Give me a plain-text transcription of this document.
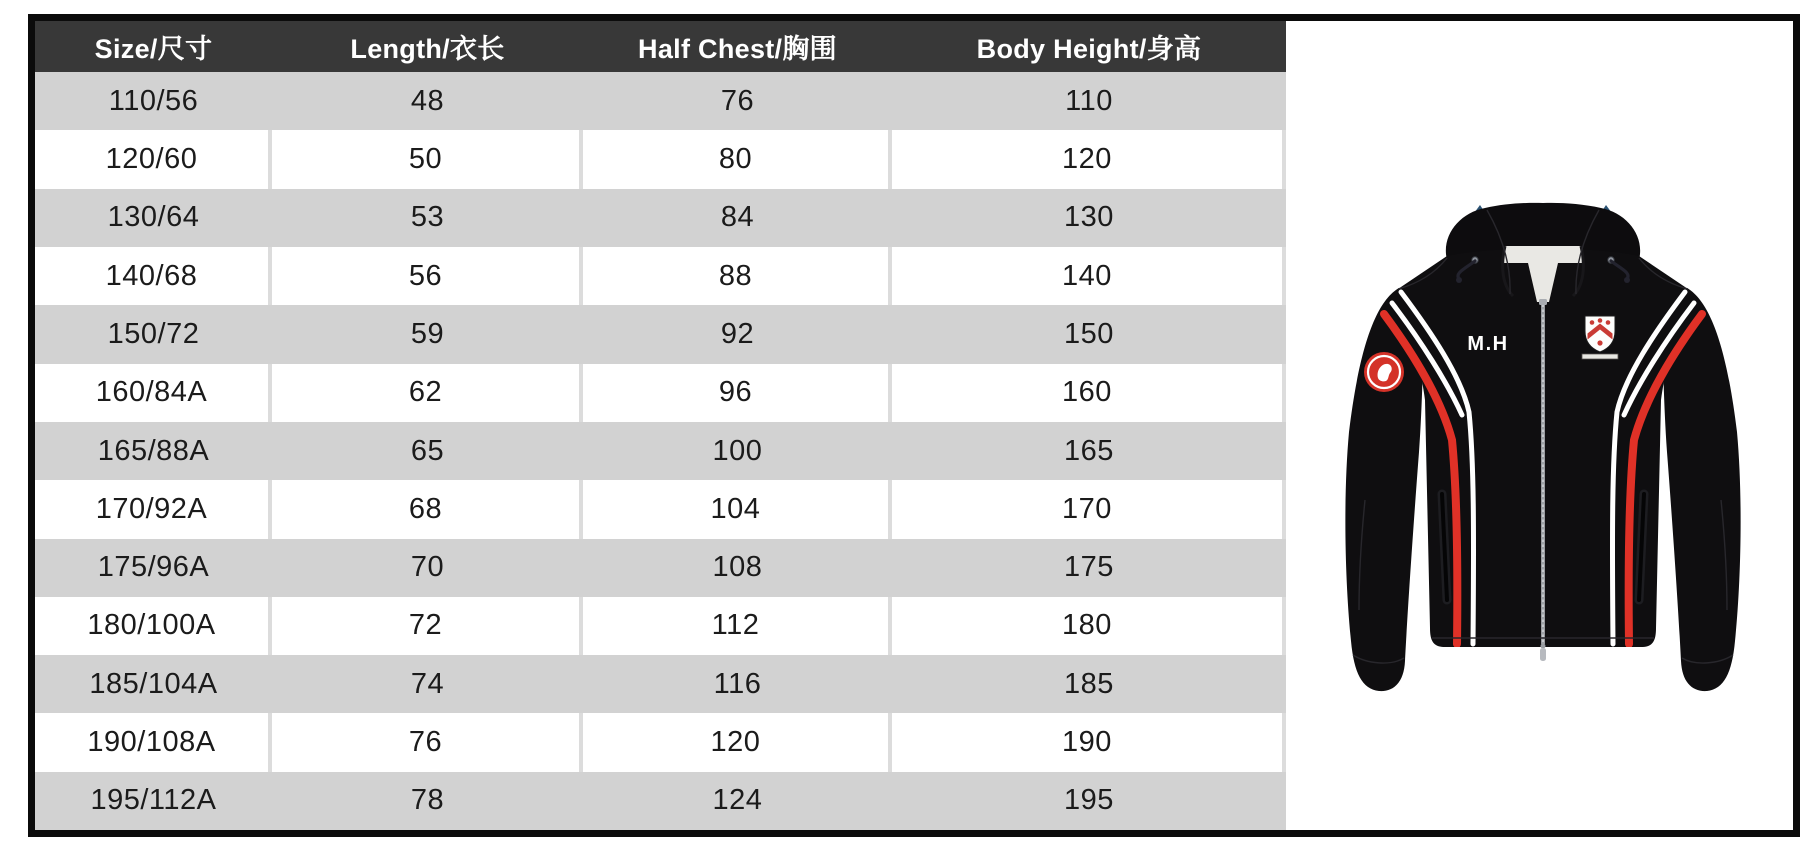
Size/尺寸	Length/衣长	Half Chest/胸围	Body Height/身高
110/56	48	76	110
120/60	50	80	120
130/64	53	84	130
140/68	56	88	140
150/72	59	92	150
160/84A	62	96	160
165/88A	65	100	165
170/92A	68	104	170
175/96A	70	108	175
180/100A	72	112	180
185/104A	74	116	185
190/108A	76	120	190
195/112A	78	124	195
M.H
